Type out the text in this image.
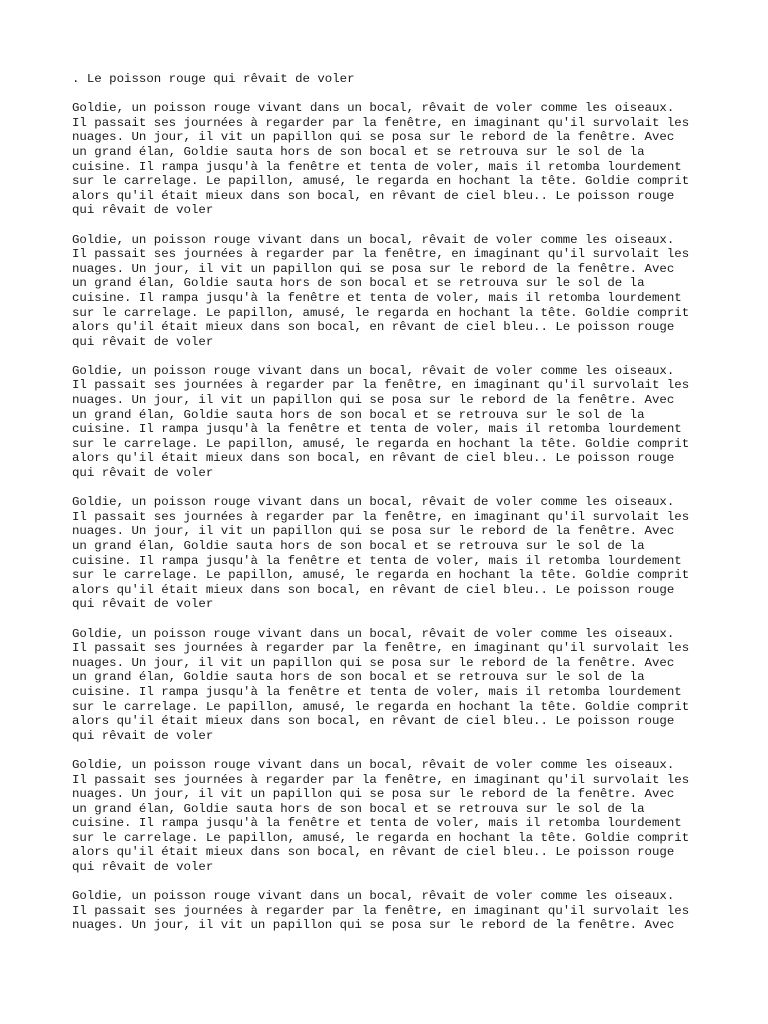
. Le poisson rouge qui rêvait de voler
Goldie, un poisson rouge vivant dans un bocal, rêvait de voler comme les oiseaux.
Il passait ses journées à regarder par la fenêtre, en imaginant qu'il survolait les
nuages. Un jour, il vit un papillon qui se posa sur le rebord de la fenêtre. Avec
un grand élan, Goldie sauta hors de son bocal et se retrouva sur le sol de la
cuisine. Il rampa jusqu'à la fenêtre et tenta de voler, mais il retomba lourdement
sur le carrelage. Le papillon, amusé, le regarda en hochant la tête. Goldie comprit
alors qu'il était mieux dans son bocal, en rêvant de ciel bleu.. Le poisson rouge
qui rêvait de voler
Goldie, un poisson rouge vivant dans un bocal, rêvait de voler comme les oiseaux.
Il passait ses journées à regarder par la fenêtre, en imaginant qu'il survolait les
nuages. Un jour, il vit un papillon qui se posa sur le rebord de la fenêtre. Avec
un grand élan, Goldie sauta hors de son bocal et se retrouva sur le sol de la
cuisine. Il rampa jusqu'à la fenêtre et tenta de voler, mais il retomba lourdement
sur le carrelage. Le papillon, amusé, le regarda en hochant la tête. Goldie comprit
alors qu'il était mieux dans son bocal, en rêvant de ciel bleu.. Le poisson rouge
qui rêvait de voler
Goldie, un poisson rouge vivant dans un bocal, rêvait de voler comme les oiseaux.
Il passait ses journées à regarder par la fenêtre, en imaginant qu'il survolait les
nuages. Un jour, il vit un papillon qui se posa sur le rebord de la fenêtre. Avec
un grand élan, Goldie sauta hors de son bocal et se retrouva sur le sol de la
cuisine. Il rampa jusqu'à la fenêtre et tenta de voler, mais il retomba lourdement
sur le carrelage. Le papillon, amusé, le regarda en hochant la tête. Goldie comprit
alors qu'il était mieux dans son bocal, en rêvant de ciel bleu.. Le poisson rouge
qui rêvait de voler
Goldie, un poisson rouge vivant dans un bocal, rêvait de voler comme les oiseaux.
Il passait ses journées à regarder par la fenêtre, en imaginant qu'il survolait les
nuages. Un jour, il vit un papillon qui se posa sur le rebord de la fenêtre. Avec
un grand élan, Goldie sauta hors de son bocal et se retrouva sur le sol de la
cuisine. Il rampa jusqu'à la fenêtre et tenta de voler, mais il retomba lourdement
sur le carrelage. Le papillon, amusé, le regarda en hochant la tête. Goldie comprit
alors qu'il était mieux dans son bocal, en rêvant de ciel bleu.. Le poisson rouge
qui rêvait de voler
Goldie, un poisson rouge vivant dans un bocal, rêvait de voler comme les oiseaux.
Il passait ses journées à regarder par la fenêtre, en imaginant qu'il survolait les
nuages. Un jour, il vit un papillon qui se posa sur le rebord de la fenêtre. Avec
un grand élan, Goldie sauta hors de son bocal et se retrouva sur le sol de la
cuisine. Il rampa jusqu'à la fenêtre et tenta de voler, mais il retomba lourdement
sur le carrelage. Le papillon, amusé, le regarda en hochant la tête. Goldie comprit
alors qu'il était mieux dans son bocal, en rêvant de ciel bleu.. Le poisson rouge
qui rêvait de voler
Goldie, un poisson rouge vivant dans un bocal, rêvait de voler comme les oiseaux.
Il passait ses journées à regarder par la fenêtre, en imaginant qu'il survolait les
nuages. Un jour, il vit un papillon qui se posa sur le rebord de la fenêtre. Avec
un grand élan, Goldie sauta hors de son bocal et se retrouva sur le sol de la
cuisine. Il rampa jusqu'à la fenêtre et tenta de voler, mais il retomba lourdement
sur le carrelage. Le papillon, amusé, le regarda en hochant la tête. Goldie comprit
alors qu'il était mieux dans son bocal, en rêvant de ciel bleu.. Le poisson rouge
qui rêvait de voler
Goldie, un poisson rouge vivant dans un bocal, rêvait de voler comme les oiseaux.
Il passait ses journées à regarder par la fenêtre, en imaginant qu'il survolait les
nuages. Un jour, il vit un papillon qui se posa sur le rebord de la fenêtre. Avec
